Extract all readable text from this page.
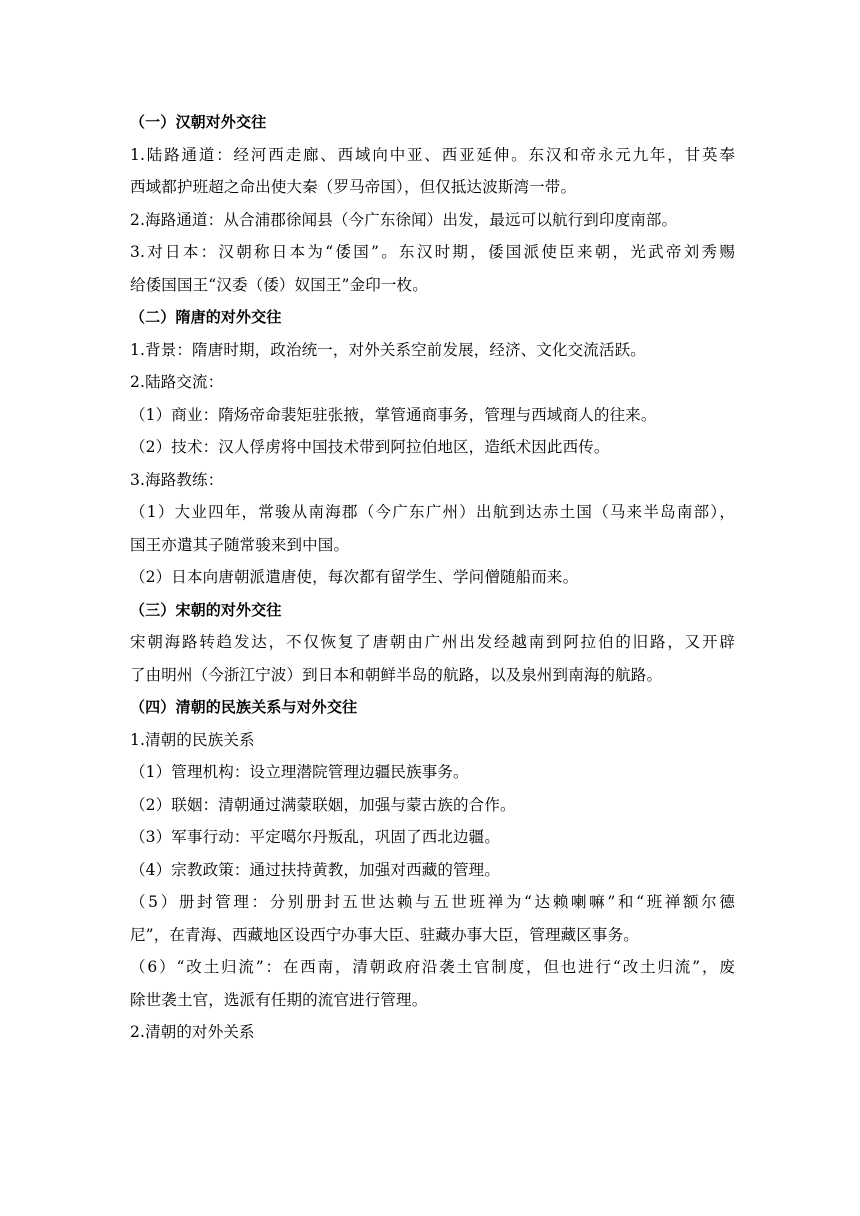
（一）汉朝对外交往
1.陆路通道：经河西走廊、西域向中亚、西亚延伸。东汉和帝永元九年，甘英奉
西域都护班超之命出使大秦（罗马帝国），但仅抵达波斯湾一带。
2.海路通道：从合浦郡徐闻县（今广东徐闻）出发，最远可以航行到印度南部。
3.对日本：汉朝称日本为“倭国”。东汉时期，倭国派使臣来朝，光武帝刘秀赐
给倭国国王“汉委（倭）奴国王”金印一枚。
（二）隋唐的对外交往
1.背景：隋唐时期，政治统一，对外关系空前发展，经济、文化交流活跃。
2.陆路交流：
（1）商业：隋炀帝命裴矩驻张掖，掌管通商事务，管理与西域商人的往来。
（2）技术：汉人俘虏将中国技术带到阿拉伯地区，造纸术因此西传。
3.海路教练：
（1）大业四年，常骏从南海郡（今广东广州）出航到达赤土国（马来半岛南部），
国王亦遣其子随常骏来到中国。
（2）日本向唐朝派遣唐使，每次都有留学生、学问僧随船而来。
（三）宋朝的对外交往
宋朝海路转趋发达，不仅恢复了唐朝由广州出发经越南到阿拉伯的旧路，又开辟
了由明州（今浙江宁波）到日本和朝鲜半岛的航路，以及泉州到南海的航路。
（四）清朝的民族关系与对外交往
1.清朝的民族关系
（1）管理机构：设立理潜院管理边疆民族事务。
（2）联姻：清朝通过满蒙联姻，加强与蒙古族的合作。
（3）军事行动：平定噶尔丹叛乱，巩固了西北边疆。
（4）宗教政策：通过扶持黄教，加强对西藏的管理。
（5）册封管理：分别册封五世达赖与五世班禅为“达赖喇嘛”和“班禅额尔德
尼”，在青海、西藏地区设西宁办事大臣、驻藏办事大臣，管理藏区事务。
（6）“改土归流”：在西南，清朝政府沿袭土官制度，但也进行“改土归流”，废
除世袭土官，选派有任期的流官进行管理。
2.清朝的对外关系
